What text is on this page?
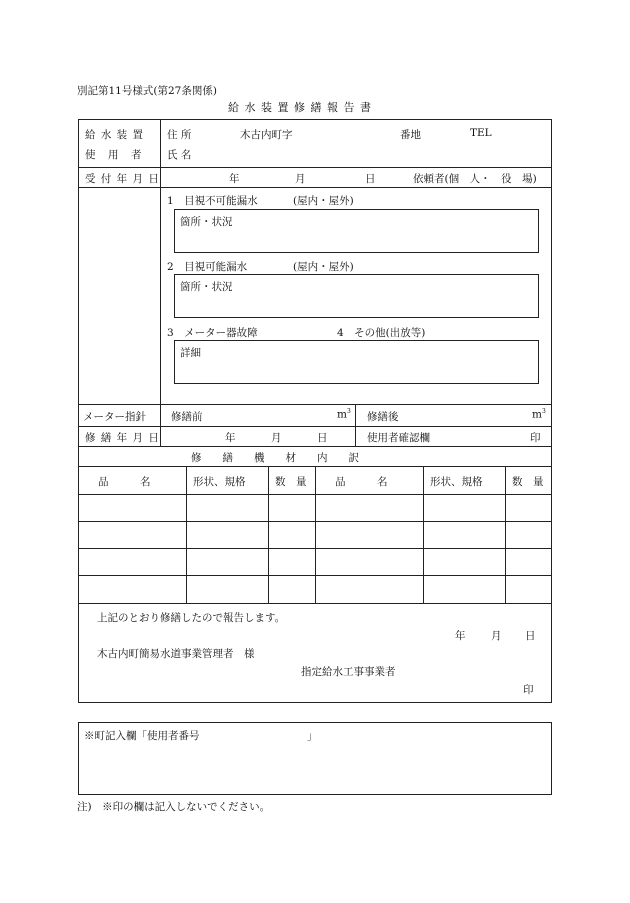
別記第11号様式(第27条関係)
給 水 装 置 修 繕 報 告 書
給 水 装 置
使　用　者
住 所	木古内町字	番地	TEL
氏 名
受 付 年 月 日	年	月	日	依頼者(個　人・　役　場)
1　目視不可能漏水	(屋内・屋外)
箇所・状況
2　目視可能漏水	(屋内・屋外)
箇所・状況
3　メーター器故障	4　その他(出放等)
詳細
メーター指針 修繕前	$m^3$ 修繕後	$m^3$
修 繕 年 月 日	年	月	日	使用者確認欄	印
修　　繕　　機　　材　　内　　訳
品　　　名	形状、規格	数　量	品　　　名	形状、規格	数　量
上記のとおり修繕したので報告します。
年 月 日
木古内町簡易水道事業管理者　様
指定給水工事事業者
印
※町記入欄「使用者番号	」
注)　※印の欄は記入しないでください。
